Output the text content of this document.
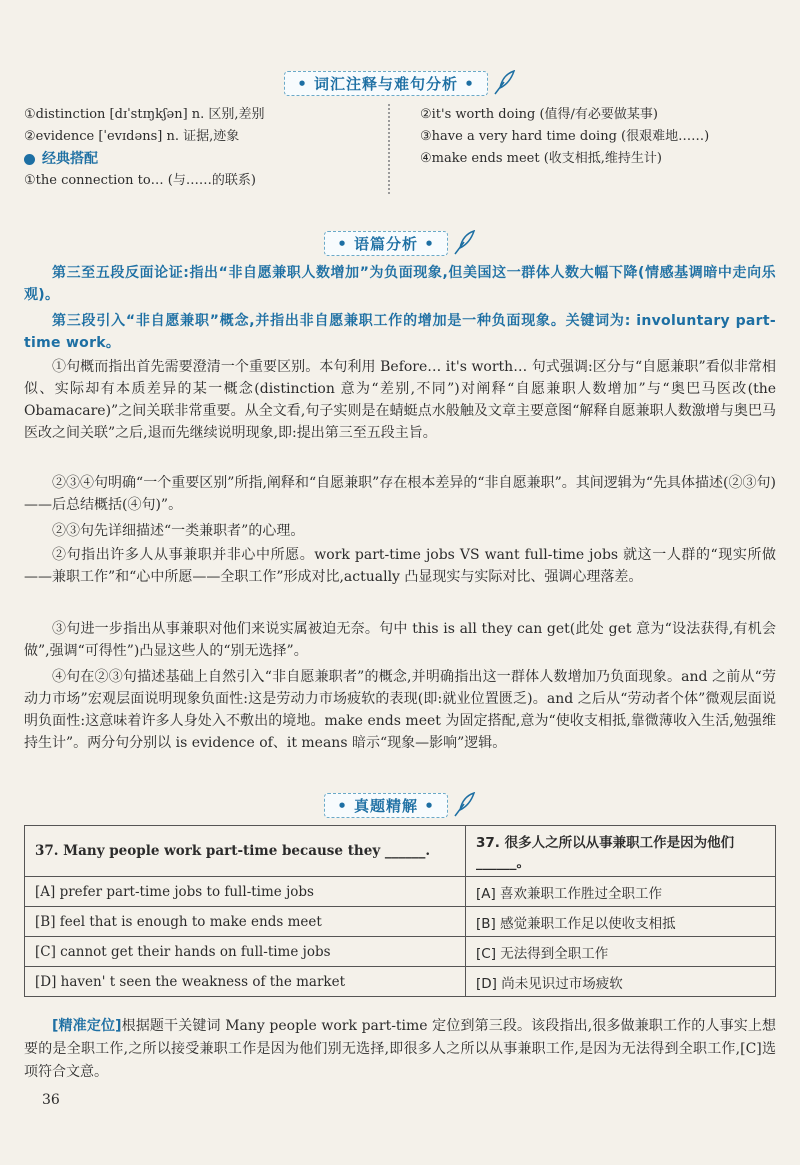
• 词汇注释与难句分析 •
①distinction [dɪˈstɪŋkʃən] n. 区别,差别
②evidence [ˈevɪdəns] n. 证据,迹象
经典搭配
①the connection to… (与……的联系)
②it's worth doing (值得/有必要做某事)
③have a very hard time doing (很艰难地……)
④make ends meet (收支相抵,维持生计)
• 语篇分析 •
第三至五段反面论证:指出“非自愿兼职人数增加”为负面现象,但美国这一群体人数大幅下降(情感基调暗中走向乐观)。
第三段引入“非自愿兼职”概念,并指出非自愿兼职工作的增加是一种负面现象。关键词为: involuntary part-time work。
①句概而指出首先需要澄清一个重要区别。本句利用 Before… it's worth… 句式强调:区分与“自愿兼职”看似非常相似、实际却有本质差异的某一概念(distinction 意为“差别,不同”)对阐释“自愿兼职人数增加”与“奥巴马医改(the Obamacare)”之间关联非常重要。从全文看,句子实则是在蜻蜓点水般触及文章主要意图“解释自愿兼职人数激增与奥巴马医改之间关联”之后,退而先继续说明现象,即:提出第三至五段主旨。
②③④句明确“一个重要区别”所指,阐释和“自愿兼职”存在根本差异的“非自愿兼职”。其间逻辑为“先具体描述(②③句)——后总结概括(④句)”。
②③句先详细描述“一类兼职者”的心理。
②句指出许多人从事兼职并非心中所愿。work part-time jobs VS want full-time jobs 就这一人群的“现实所做——兼职工作”和“心中所愿——全职工作”形成对比,actually 凸显现实与实际对比、强调心理落差。
③句进一步指出从事兼职对他们来说实属被迫无奈。句中 this is all they can get(此处 get 意为“设法获得,有机会做”,强调“可得性”)凸显这些人的“别无选择”。
④句在②③句描述基础上自然引入“非自愿兼职者”的概念,并明确指出这一群体人数增加乃负面现象。and 之前从“劳动力市场”宏观层面说明现象负面性:这是劳动力市场疲软的表现(即:就业位置匮乏)。and 之后从“劳动者个体”微观层面说明负面性:这意味着许多人身处入不敷出的境地。make ends meet 为固定搭配,意为“使收支相抵,靠微薄收入生活,勉强维持生计”。两分句分别以 is evidence of、it means 暗示“现象—影响”逻辑。
• 真题精解 •
37. Many people work part-time because they ______.	37. 很多人之所以从事兼职工作是因为他们______。
[A] prefer part-time jobs to full-time jobs	[A] 喜欢兼职工作胜过全职工作
[B] feel that is enough to make ends meet	[B] 感觉兼职工作足以使收支相抵
[C] cannot get their hands on full-time jobs	[C] 无法得到全职工作
[D] haven' t seen the weakness of the market	[D] 尚未见识过市场疲软
[精准定位]根据题干关键词 Many people work part-time 定位到第三段。该段指出,很多做兼职工作的人事实上想要的是全职工作,之所以接受兼职工作是因为他们别无选择,即很多人之所以从事兼职工作,是因为无法得到全职工作,[C]选项符合文意。
36
